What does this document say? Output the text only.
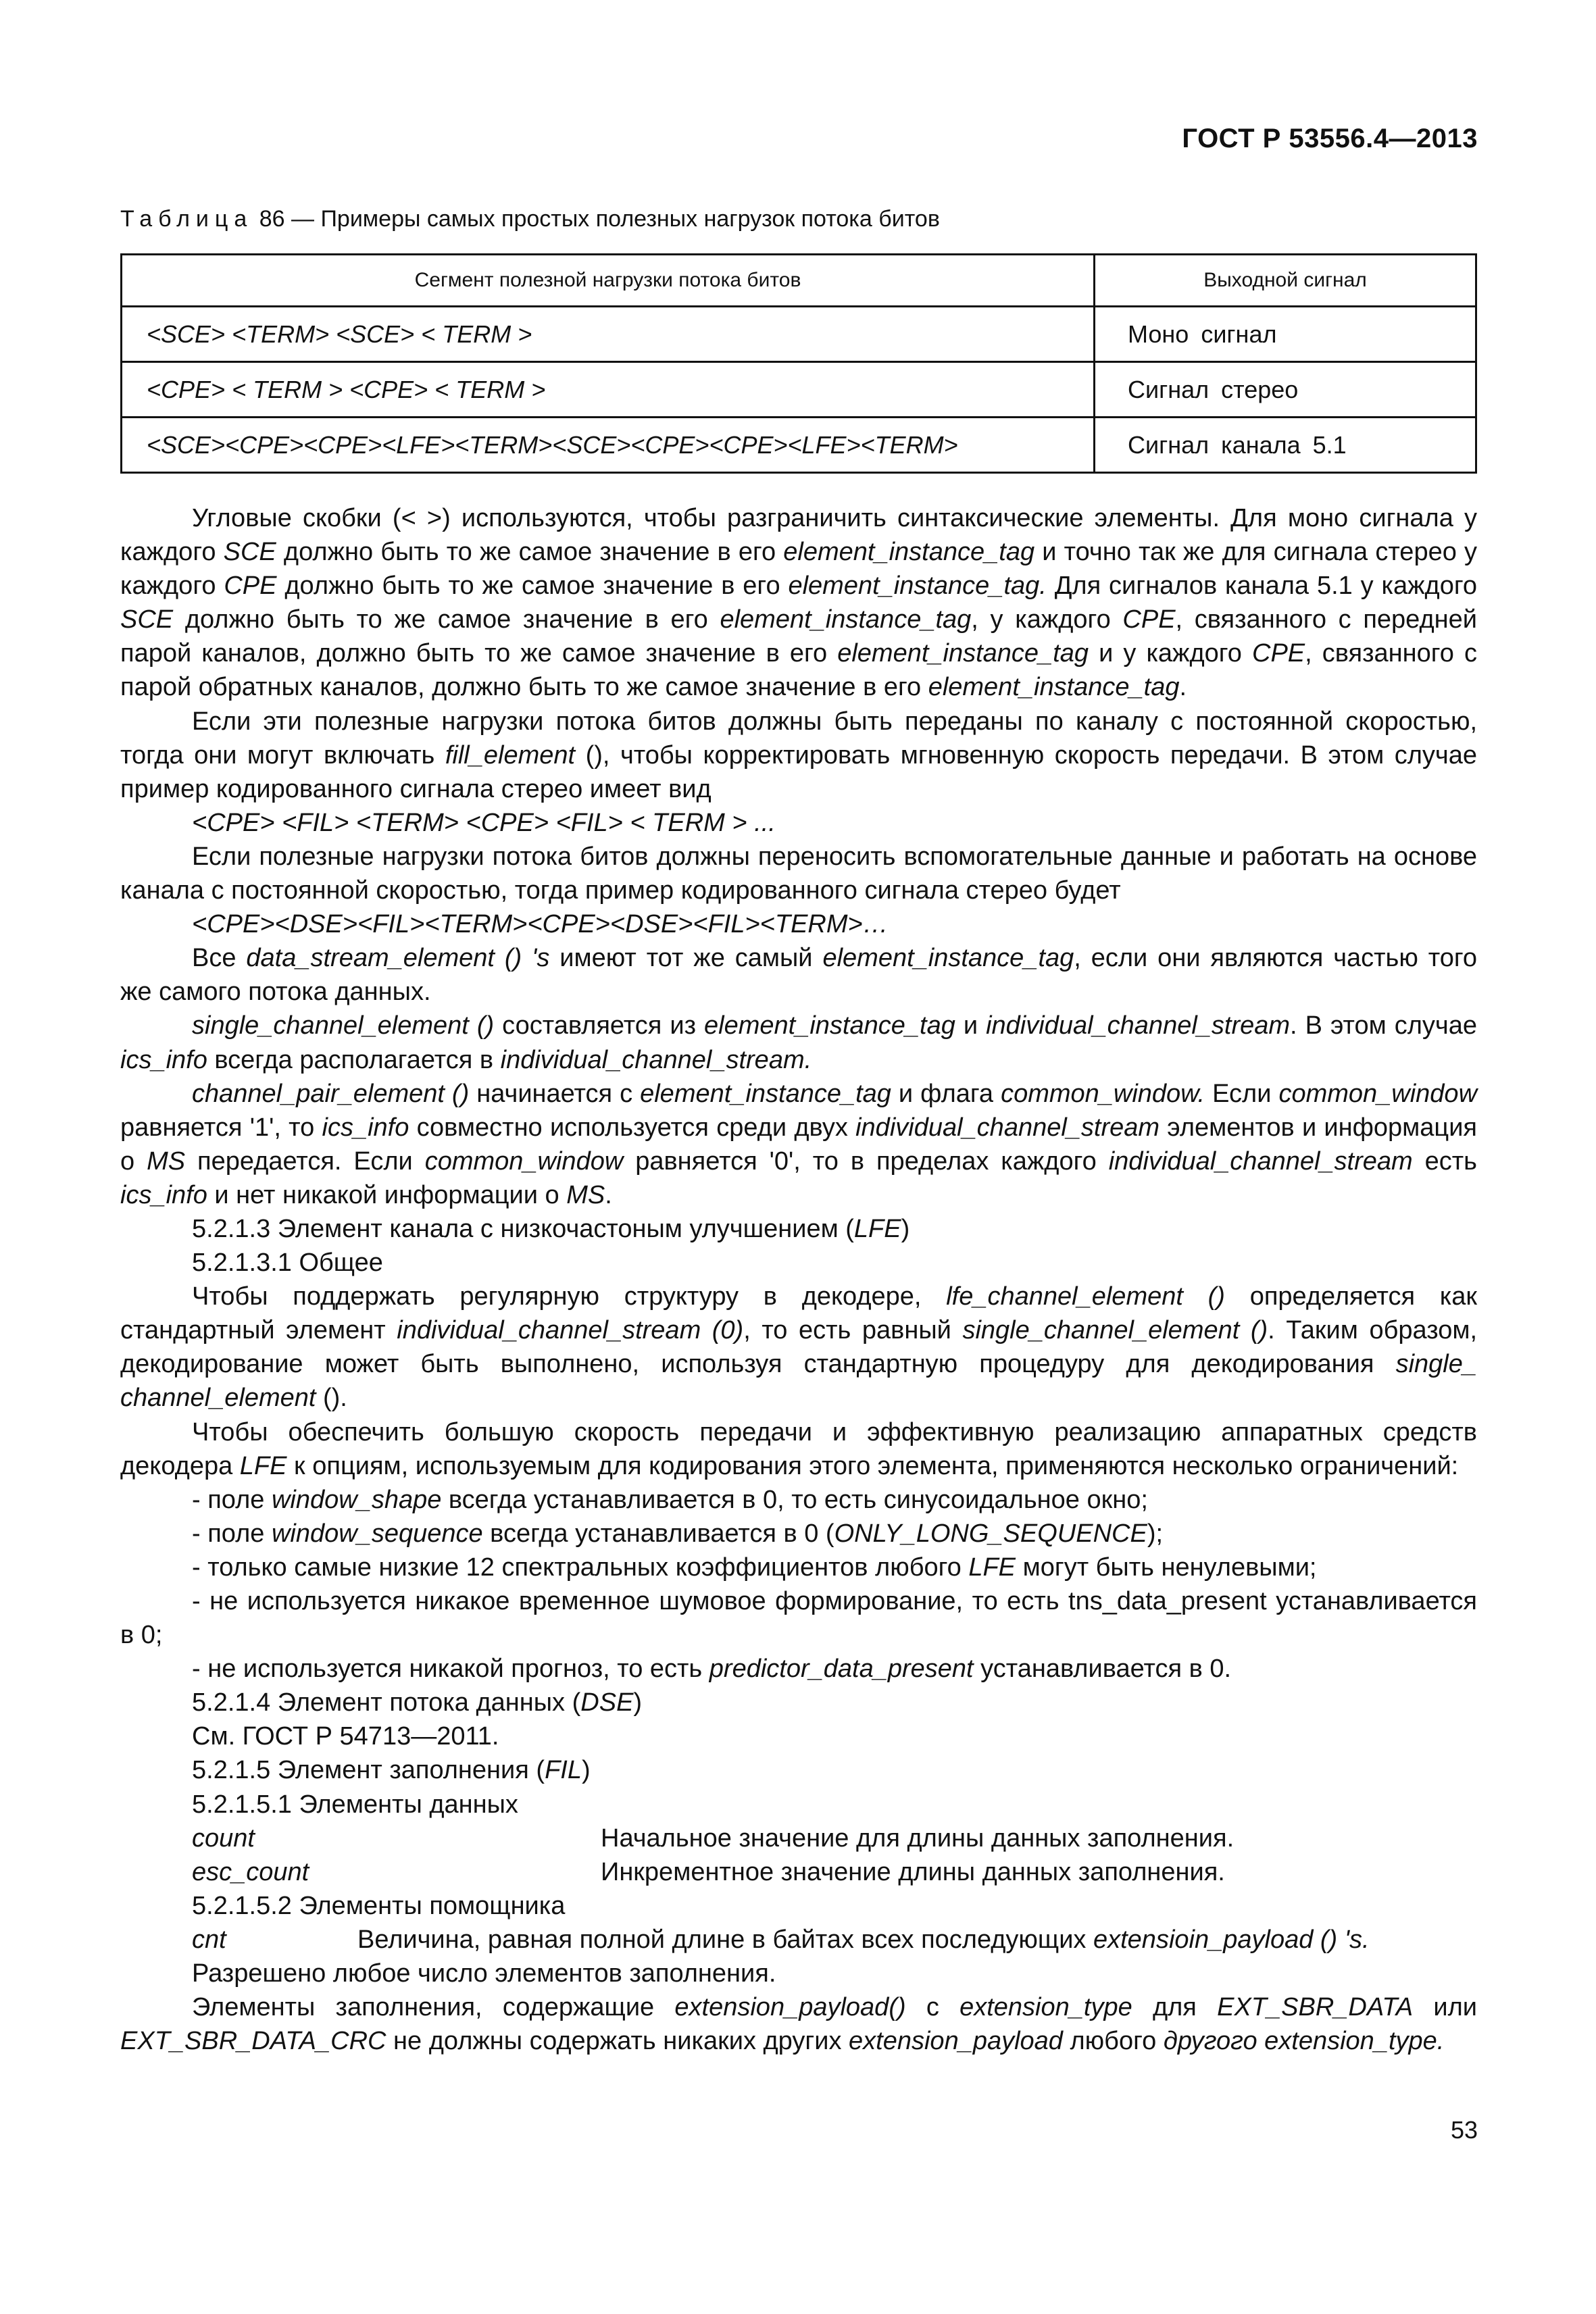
ГОСТ Р 53556.4—2013
Таблица 86 — Примеры самых простых полезных нагрузок потока битов
Сегмент полезной нагрузки потока битов	Выходной сигнал
<SCE> <TERM> <SCE> < TERM >	Моно сигнал
<CPE> < TERM > <CPE> < TERM >	Сигнал стерео
<SCE><CPE><CPE><LFE><TERM><SCE><CPE><CPE><LFE><TERM>	Сигнал канала 5.1

Угловые скобки (< >) используются, чтобы разграничить синтаксические элементы. Для моно сигнала у каждого SCE должно быть то же самое значение в его element_instance_tag и точно так же для сигнала стерео у каждого CPE должно быть то же самое значение в его element_instance_tag. Для сигналов канала 5.1 у каждого SCE должно быть то же самое значение в его element_instance_tag, у каждого CPE, связанного с передней парой каналов, должно быть то же самое значение в его element_instance_tag и у каждого CPE, связанного с парой обратных каналов, должно быть то же самое значение в его element_instance_tag.

Если эти полезные нагрузки потока битов должны быть переданы по каналу с постоянной скоростью, тогда они могут включать fill_element (), чтобы корректировать мгновенную скорость передачи. В этом случае пример кодированного сигнала стерео имеет вид

<CPE> <FIL> <TERM> <CPE> <FIL> < TERM > ...

Если полезные нагрузки потока битов должны переносить вспомогательные данные и работать на основе канала с постоянной скоростью, тогда пример кодированного сигнала стерео будет

<CPE><DSE><FIL><TERM><CPE><DSE><FIL><TERM>…

Все data_stream_element () 's имеют тот же самый element_instance_tag, если они являются частью того же самого потока данных.

single_channel_element () составляется из element_instance_tag и individual_channel_stream. В этом случае ics_info всегда располагается в individual_channel_stream.

channel_pair_element () начинается с element_instance_tag и флага common_window. Если common_window равняется '1', то ics_info совместно используется среди двух individual_channel_stream элементов и информация о MS передается. Если common_window равняется '0', то в пределах каждого individual_channel_stream есть ics_info и нет никакой информации о MS.

5.2.1.3 Элемент канала с низкочастоным улучшением (LFE)

5.2.1.3.1 Общее

Чтобы поддержать регулярную структуру в декодере, lfe_channel_element () определяется как стандартный элемент individual_channel_stream (0), то есть равный single_channel_element (). Таким образом, декодирование может быть выполнено, используя стандартную процедуру для декодирования single_ channel_element ().

Чтобы обеспечить большую скорость передачи и эффективную реализацию аппаратных средств декодера LFE к опциям, используемым для кодирования этого элемента, применяются несколько ограничений:

- поле window_shape всегда устанавливается в 0, то есть синусоидальное окно;

- поле window_sequence всегда устанавливается в 0 (ONLY_LONG_SEQUENCE);

- только самые низкие 12 спектральных коэффициентов любого LFE могут быть ненулевыми;

- не используется никакое временное шумовое формирование, то есть tns_data_present устанавливается в 0;

- не используется никакой прогноз, то есть predictor_data_present устанавливается в 0.

5.2.1.4 Элемент потока данных (DSE)

См. ГОСТ Р 54713—2011.

5.2.1.5 Элемент заполнения (FIL)

5.2.1.5.1 Элементы данных

count	Начальное значение для длины данных заполнения.
esc_count	Инкрементное значение длины данных заполнения.

5.2.1.5.2 Элементы помощника

cnt	Величина, равная полной длине в байтах всех последующих extensioin_payload () 's.

Разрешено любое число элементов заполнения.

Элементы заполнения, содержащие extension_payload() с extension_type для EXT_SBR_DATA или EXT_SBR_DATA_CRC не должны содержать никаких других extension_payload любого другого extension_type.

53
